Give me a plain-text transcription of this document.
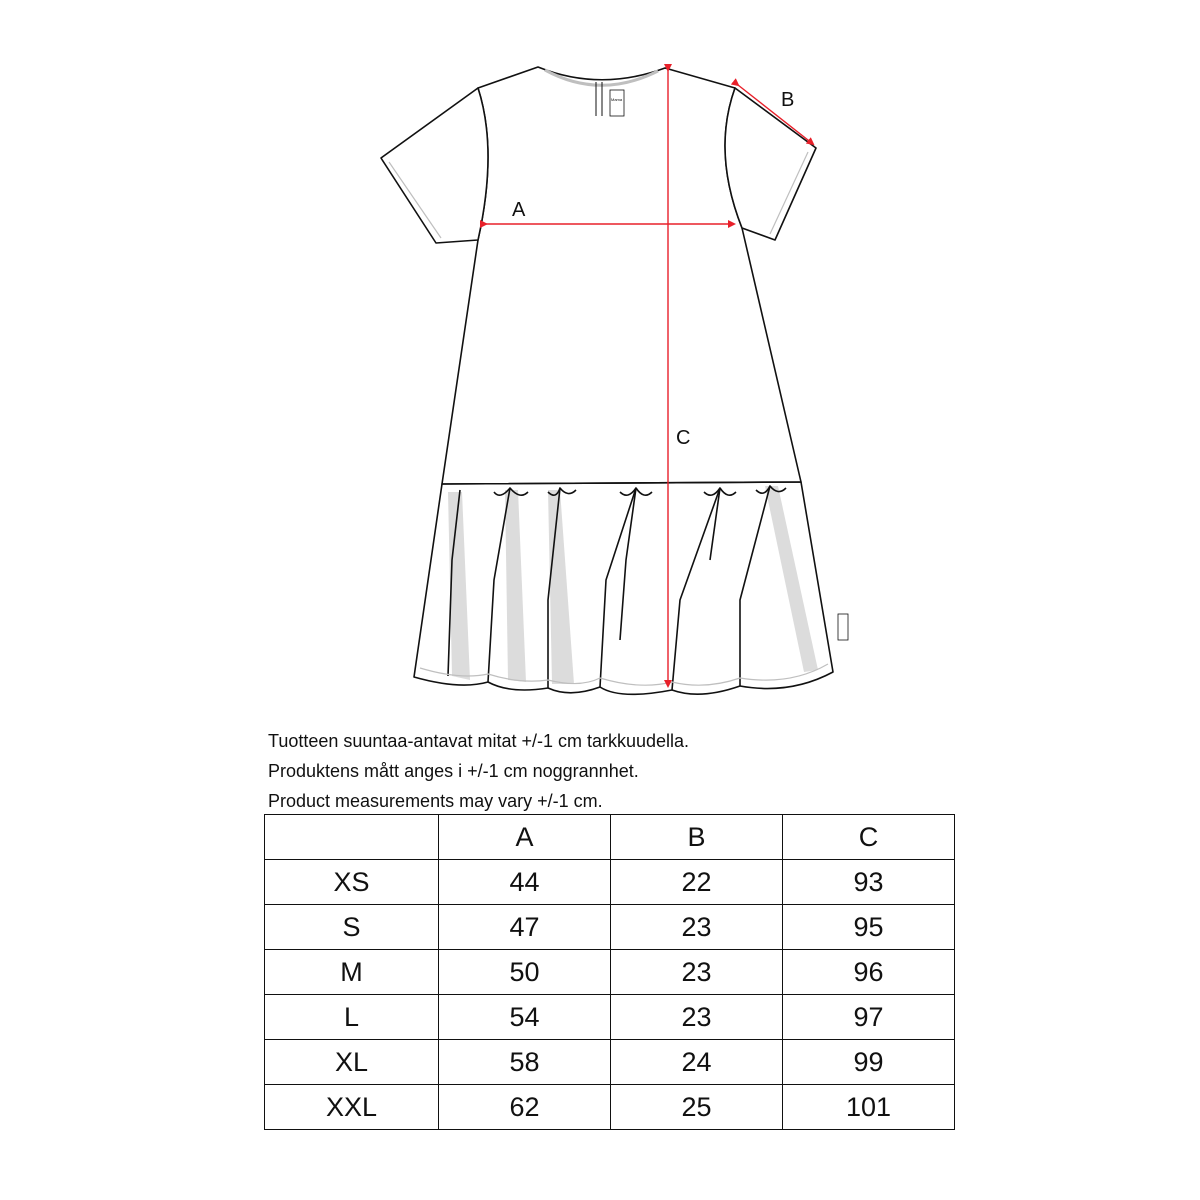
A
B
C
Mama
Tuotteen suuntaa-antavat mitat +/-1 cm tarkkuudella.
Produktens mått anges i +/-1 cm noggrannhet.
Product measurements may vary +/-1 cm.
	A	B	C
XS	44	22	93
S	47	23	95
M	50	23	96
L	54	23	97
XL	58	24	99
XXL	62	25	101
